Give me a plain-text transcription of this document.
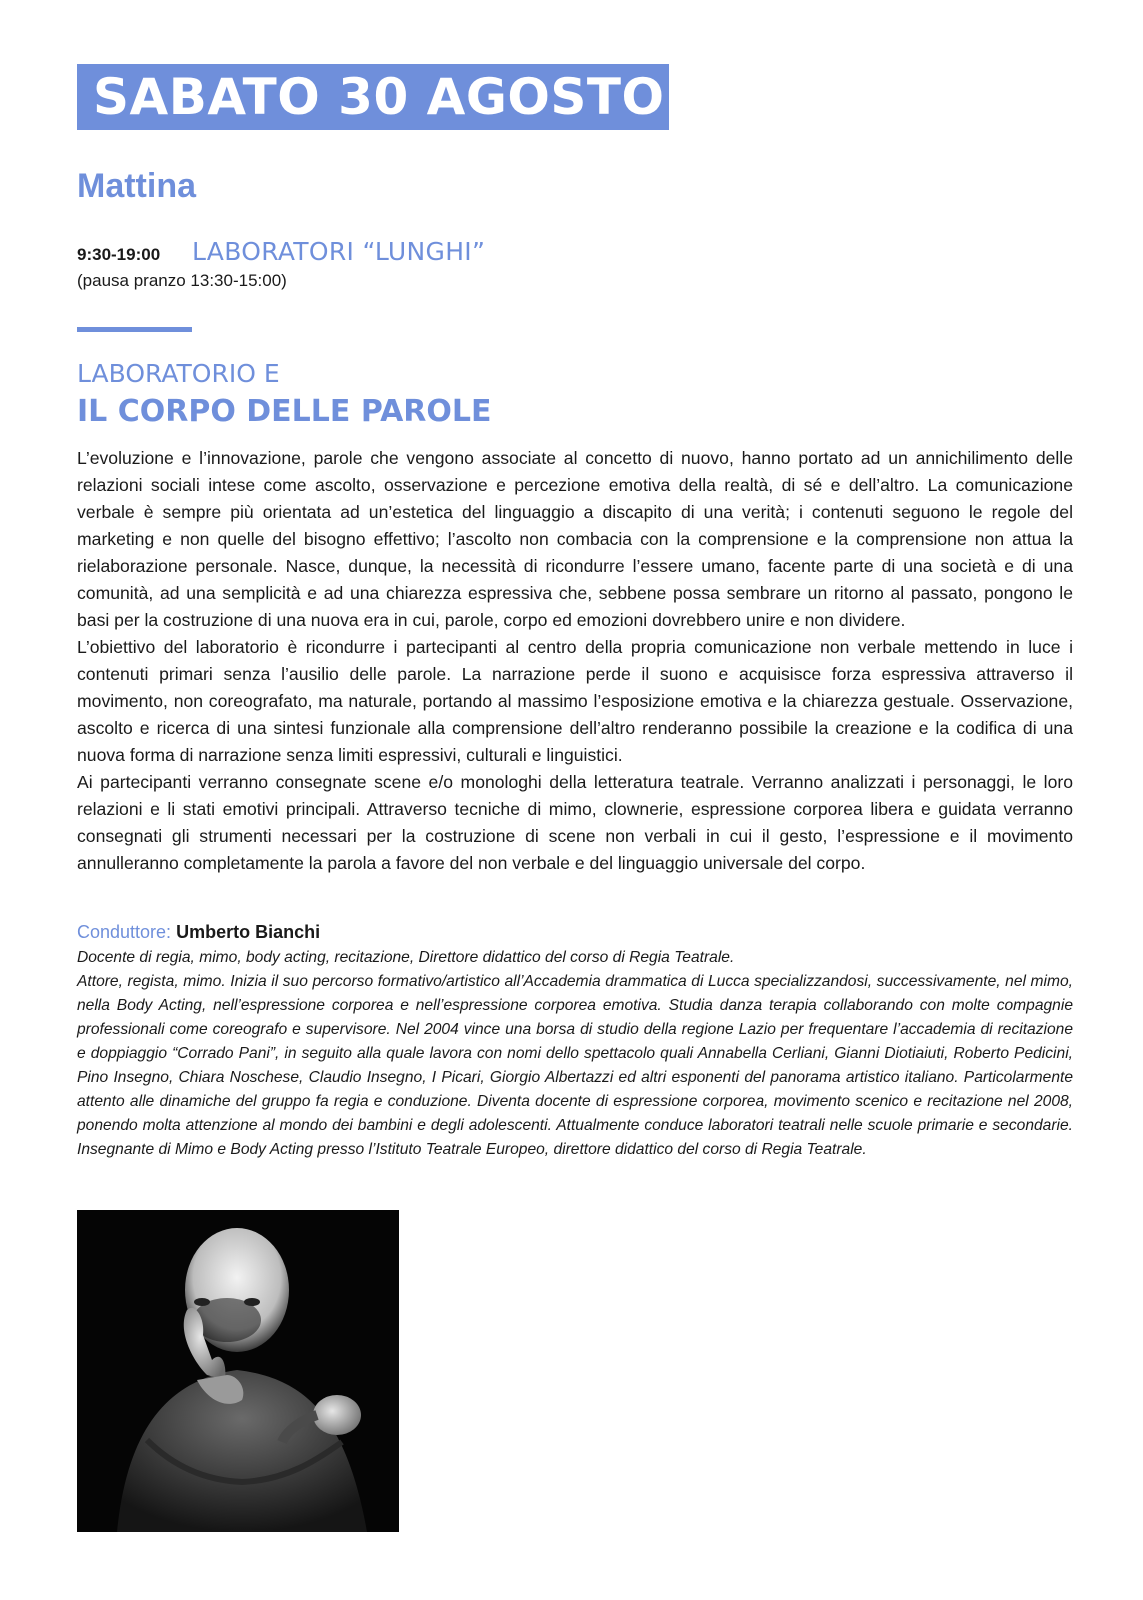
SABATO 30 AGOSTO
Mattina
9:30-19:00 LABORATORI “LUNGHI”
(pausa pranzo 13:30-15:00)
LABORATORIO E
IL CORPO DELLE PAROLE

L’evoluzione e l’innovazione, parole che vengono associate al concetto di nuovo, hanno portato ad un annichilimento delle relazioni sociali intese come ascolto, osservazione e percezione emotiva della realtà, di sé e dell’altro. La comunicazione verbale è sempre più orientata ad un’estetica del linguaggio a discapito di una verità; i contenuti seguono le regole del marketing e non quelle del bisogno effettivo; l’ascolto non combacia con la comprensione e la comprensione non attua la rielaborazione personale. Nasce, dunque, la necessità di ricondurre l’essere umano, facente parte di una società e di una comunità, ad una semplicità e ad una chiarezza espressiva che, sebbene possa sembrare un ritorno al passato, pongono le basi per la costruzione di una nuova era in cui, parole, corpo ed emozioni dovrebbero unire e non dividere.

L’obiettivo del laboratorio è ricondurre i partecipanti al centro della propria comunicazione non verbale mettendo in luce i contenuti primari senza l’ausilio delle parole. La narrazione perde il suono e acquisisce forza espressiva attraverso il movimento, non coreografato, ma naturale, portando al massimo l’esposizione emotiva e la chiarezza gestuale. Osservazione, ascolto e ricerca di una sintesi funzionale alla comprensione dell’altro renderanno possibile la creazione e la codifica di una nuova forma di narrazione senza limiti espressivi, culturali e linguistici.

Ai partecipanti verranno consegnate scene e/o monologhi della letteratura teatrale. Verranno analizzati i personaggi, le loro relazioni e li stati emotivi principali. Attraverso tecniche di mimo, clownerie, espressione corporea libera e guidata verranno consegnati gli strumenti necessari per la costruzione di scene non verbali in cui il gesto, l’espressione e il movimento annulleranno completamente la parola a favore del non verbale e del linguaggio universale del corpo.

Conduttore: Umberto Bianchi

Docente di regia, mimo, body acting, recitazione, Direttore didattico del corso di Regia Teatrale.

Attore, regista, mimo. Inizia il suo percorso formativo/artistico all’Accademia drammatica di Lucca specializzandosi, successivamente, nel mimo, nella Body Acting, nell’espressione corporea e nell’espressione corporea emotiva. Studia danza terapia collaborando con molte compagnie professionali come coreografo e supervisore. Nel 2004 vince una borsa di studio della regione Lazio per frequentare l’accademia di recitazione e doppiaggio “Corrado Pani”, in seguito alla quale lavora con nomi dello spettacolo quali Annabella Cerliani, Gianni Diotiaiuti, Roberto Pedicini, Pino Insegno, Chiara Noschese, Claudio Insegno, I Picari, Giorgio Albertazzi ed altri esponenti del panorama artistico italiano. Particolarmente attento alle dinamiche del gruppo fa regia e conduzione. Diventa docente di espressione corporea, movimento scenico e recitazione nel 2008, ponendo molta attenzione al mondo dei bambini e degli adolescenti. Attualmente conduce laboratori teatrali nelle scuole primarie e secondarie. Insegnante di Mimo e Body Acting presso l’Istituto Teatrale Europeo, direttore didattico del corso di Regia Teatrale.
